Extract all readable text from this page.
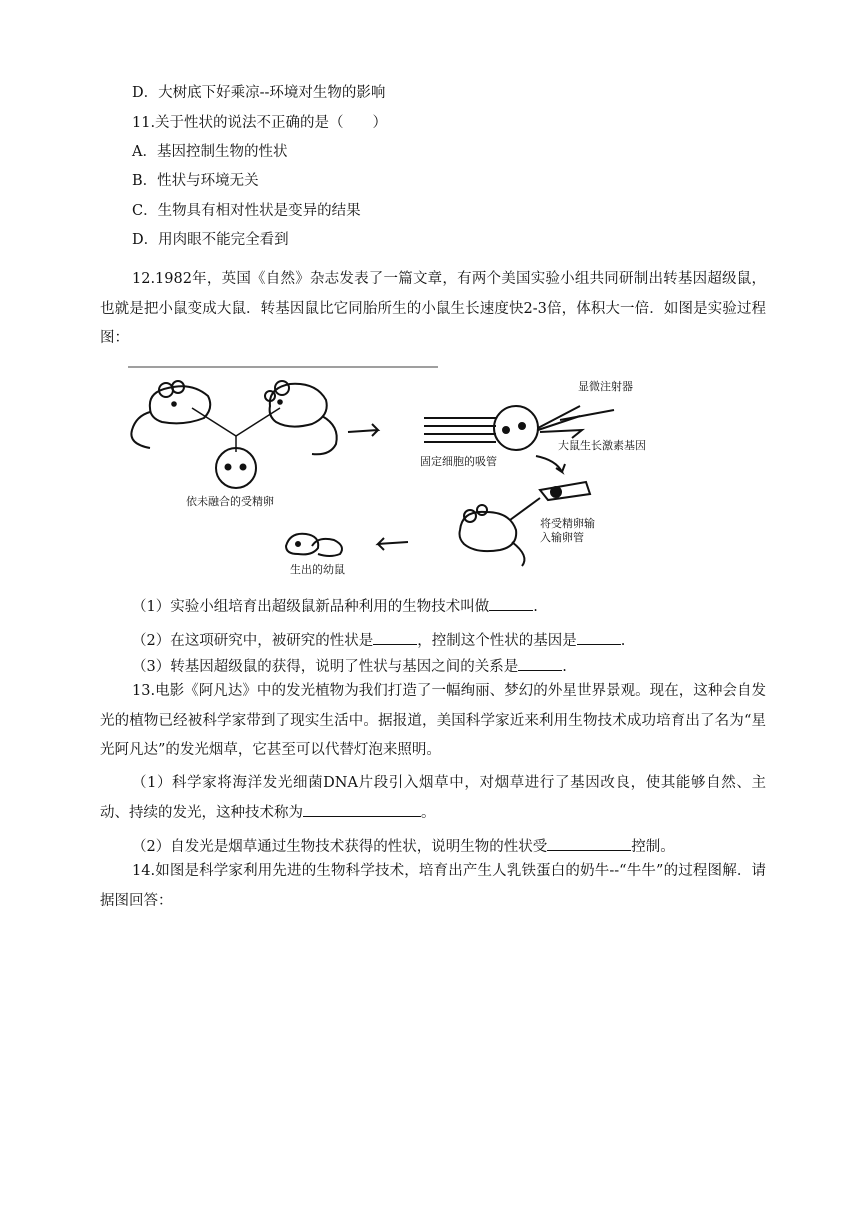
D．大树底下好乘凉--环境对生物的影响
11.关于性状的说法不正确的是（　　）
A．基因控制生物的性状
B．性状与环境无关
C．生物具有相对性状是变异的结果
D．用肉眼不能完全看到
12.1982年，英国《自然》杂志发表了一篇文章，有两个美国实验小组共同研制出转基因超级鼠，也就是把小鼠变成大鼠．转基因鼠比它同胎所生的小鼠生长速度快2-3倍，体积大一倍．如图是实验过程图：
依未融合的受精卵
显微注射器
大鼠生长激素基因
固定细胞的吸管
将受精卵输
入输卵管
生出的幼鼠
（1）实验小组培育出超级鼠新品种利用的生物技术叫做	.
（2）在这项研究中，被研究的性状是	，控制这个性状的基因是	.
（3）转基因超级鼠的获得，说明了性状与基因之间的关系是	.
13.电影《阿凡达》中的发光植物为我们打造了一幅绚丽、梦幻的外星世界景观。现在，这种会自发光的植物已经被科学家带到了现实生活中。据报道，美国科学家近来利用生物技术成功培育出了名为“星光阿凡达”的发光烟草，它甚至可以代替灯泡来照明。
（1）科学家将海洋发光细菌DNA片段引入烟草中，对烟草进行了基因改良，使其能够自然、主动、持续的发光，这种技术称为	。
（2）自发光是烟草通过生物技术获得的性状，说明生物的性状受	控制。
14.如图是科学家利用先进的生物科学技术，培育出产生人乳铁蛋白的奶牛--“牛牛”的过程图解．请据图回答：
